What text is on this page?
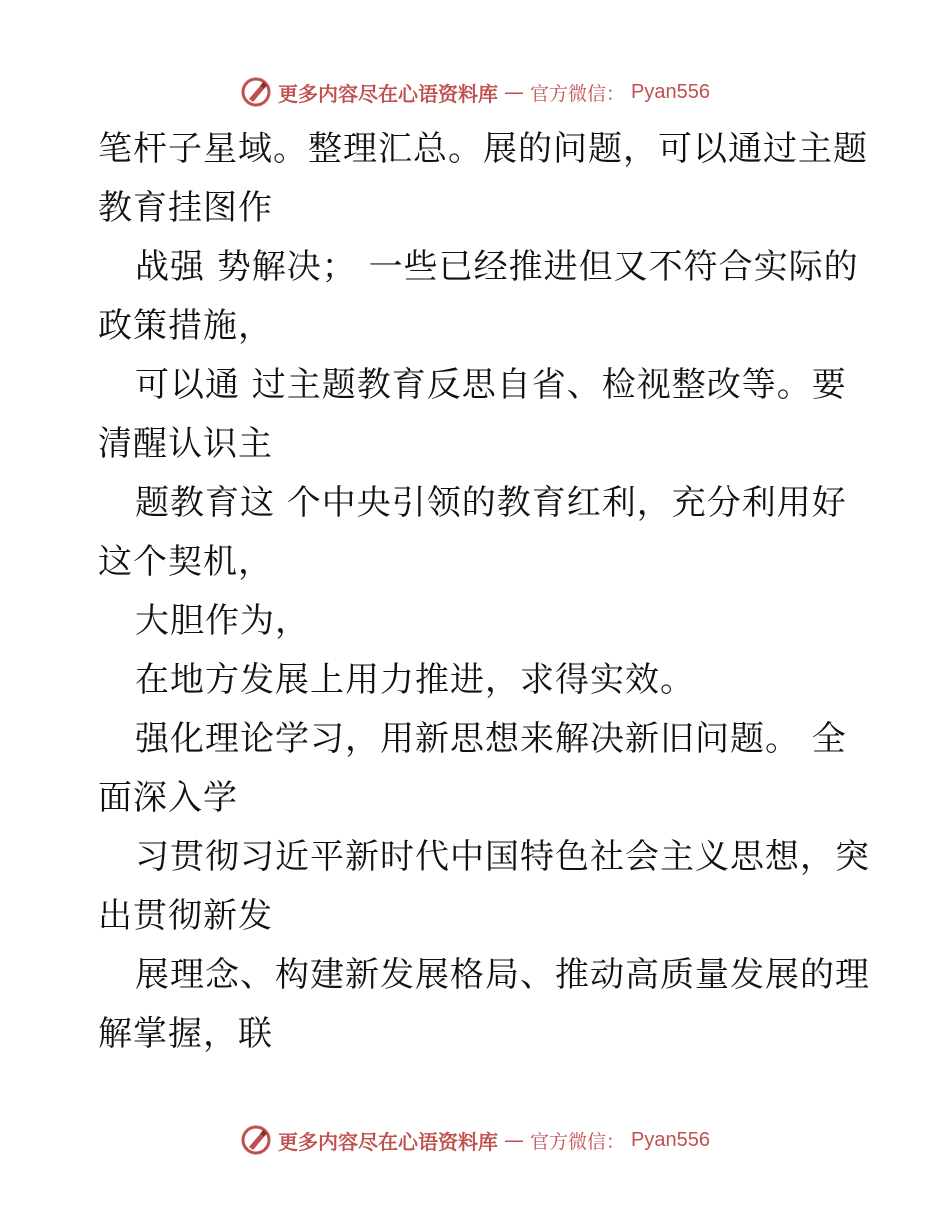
更多内容尽在心语资料库 — 官方微信： Pyan556
笔杆子星域。整理汇总。展的问题，可以通过主题
教育挂图作
战强 势解决； 一些已经推进但又不符合实际的
政策措施，
可以通 过主题教育反思自省、检视整改等。要
清醒认识主
题教育这 个中央引领的教育红利，充分利用好
这个契机，
大胆作为，
在地方发展上用力推进，求得实效。
强化理论学习，用新思想来解决新旧问题。 全
面深入学
习贯彻习近平新时代中国特色社会主义思想，突
出贯彻新发
展理念、构建新发展格局、推动高质量发展的理
解掌握，联
更多内容尽在心语资料库 — 官方微信： Pyan556
